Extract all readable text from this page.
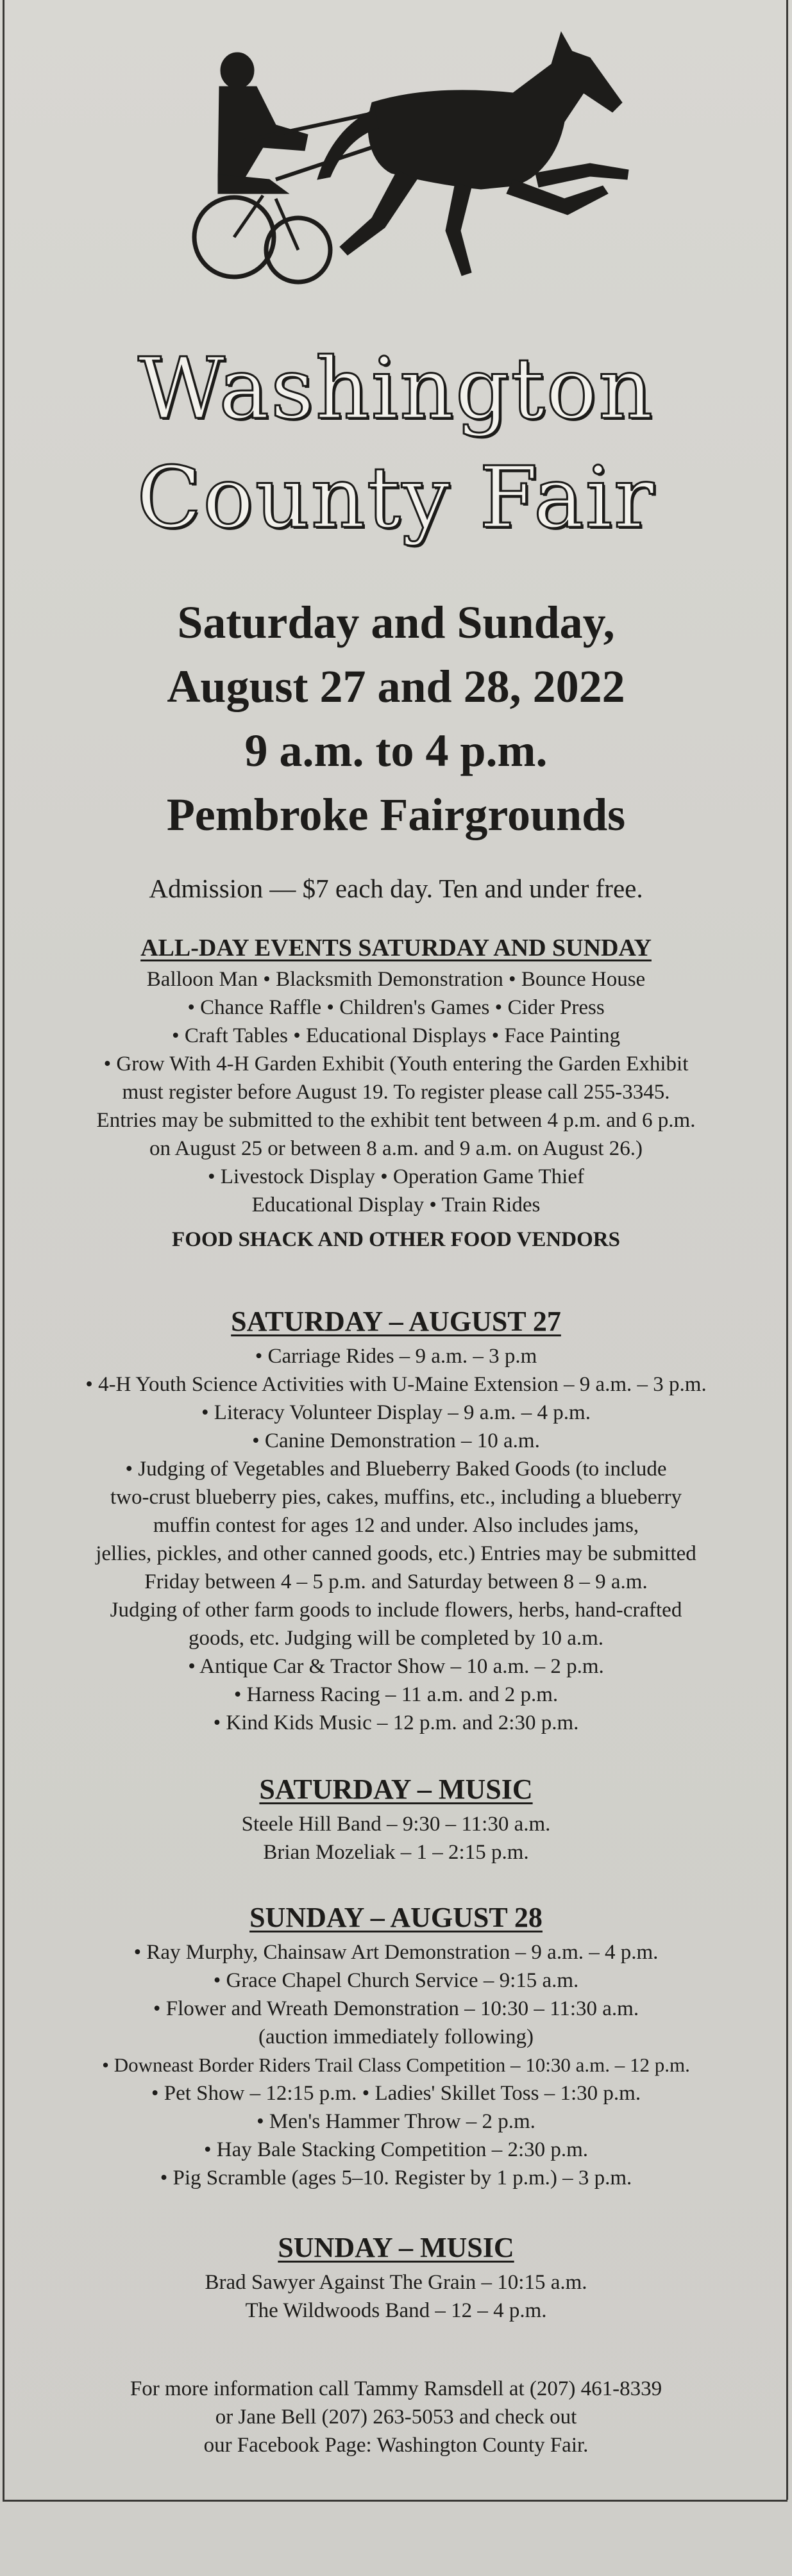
Washington
County Fair
Saturday and Sunday,
August 27 and 28, 2022
9 a.m. to 4 p.m.
Pembroke Fairgrounds
Admission — $7 each day. Ten and under free.
ALL-DAY EVENTS SATURDAY AND SUNDAY
Balloon Man • Blacksmith Demonstration • Bounce House
• Chance Raffle • Children's Games • Cider Press
• Craft Tables • Educational Displays • Face Painting
• Grow With 4-H Garden Exhibit (Youth entering the Garden Exhibit
must register before August 19. To register please call 255-3345.
Entries may be submitted to the exhibit tent between 4 p.m. and 6 p.m.
on August 25 or between 8 a.m. and 9 a.m. on August 26.)
• Livestock Display • Operation Game Thief
Educational Display • Train Rides
FOOD SHACK AND OTHER FOOD VENDORS
SATURDAY – AUGUST 27
• Carriage Rides – 9 a.m. – 3 p.m
• 4-H Youth Science Activities with U-Maine Extension – 9 a.m. – 3 p.m.
• Literacy Volunteer Display – 9 a.m. – 4 p.m.
• Canine Demonstration – 10 a.m.
• Judging of Vegetables and Blueberry Baked Goods (to include
two-crust blueberry pies, cakes, muffins, etc., including a blueberry
muffin contest for ages 12 and under. Also includes jams,
jellies, pickles, and other canned goods, etc.) Entries may be submitted
Friday between 4 – 5 p.m. and Saturday between 8 – 9 a.m.
Judging of other farm goods to include flowers, herbs, hand-crafted
goods, etc. Judging will be completed by 10 a.m.
• Antique Car & Tractor Show – 10 a.m. – 2 p.m.
• Harness Racing – 11 a.m. and 2 p.m.
• Kind Kids Music – 12 p.m. and 2:30 p.m.
SATURDAY – MUSIC
Steele Hill Band – 9:30 – 11:30 a.m.
Brian Mozeliak – 1 – 2:15 p.m.
SUNDAY – AUGUST 28
• Ray Murphy, Chainsaw Art Demonstration – 9 a.m. – 4 p.m.
• Grace Chapel Church Service – 9:15 a.m.
• Flower and Wreath Demonstration – 10:30 – 11:30 a.m.
(auction immediately following)
• Downeast Border Riders Trail Class Competition – 10:30 a.m. – 12 p.m.
• Pet Show – 12:15 p.m. • Ladies' Skillet Toss – 1:30 p.m.
• Men's Hammer Throw – 2 p.m.
• Hay Bale Stacking Competition – 2:30 p.m.
• Pig Scramble (ages 5–10. Register by 1 p.m.) – 3 p.m.
SUNDAY – MUSIC
Brad Sawyer Against The Grain – 10:15 a.m.
The Wildwoods Band – 12 – 4 p.m.
For more information call Tammy Ramsdell at (207) 461-8339
or Jane Bell (207) 263-5053 and check out
our Facebook Page: Washington County Fair.
